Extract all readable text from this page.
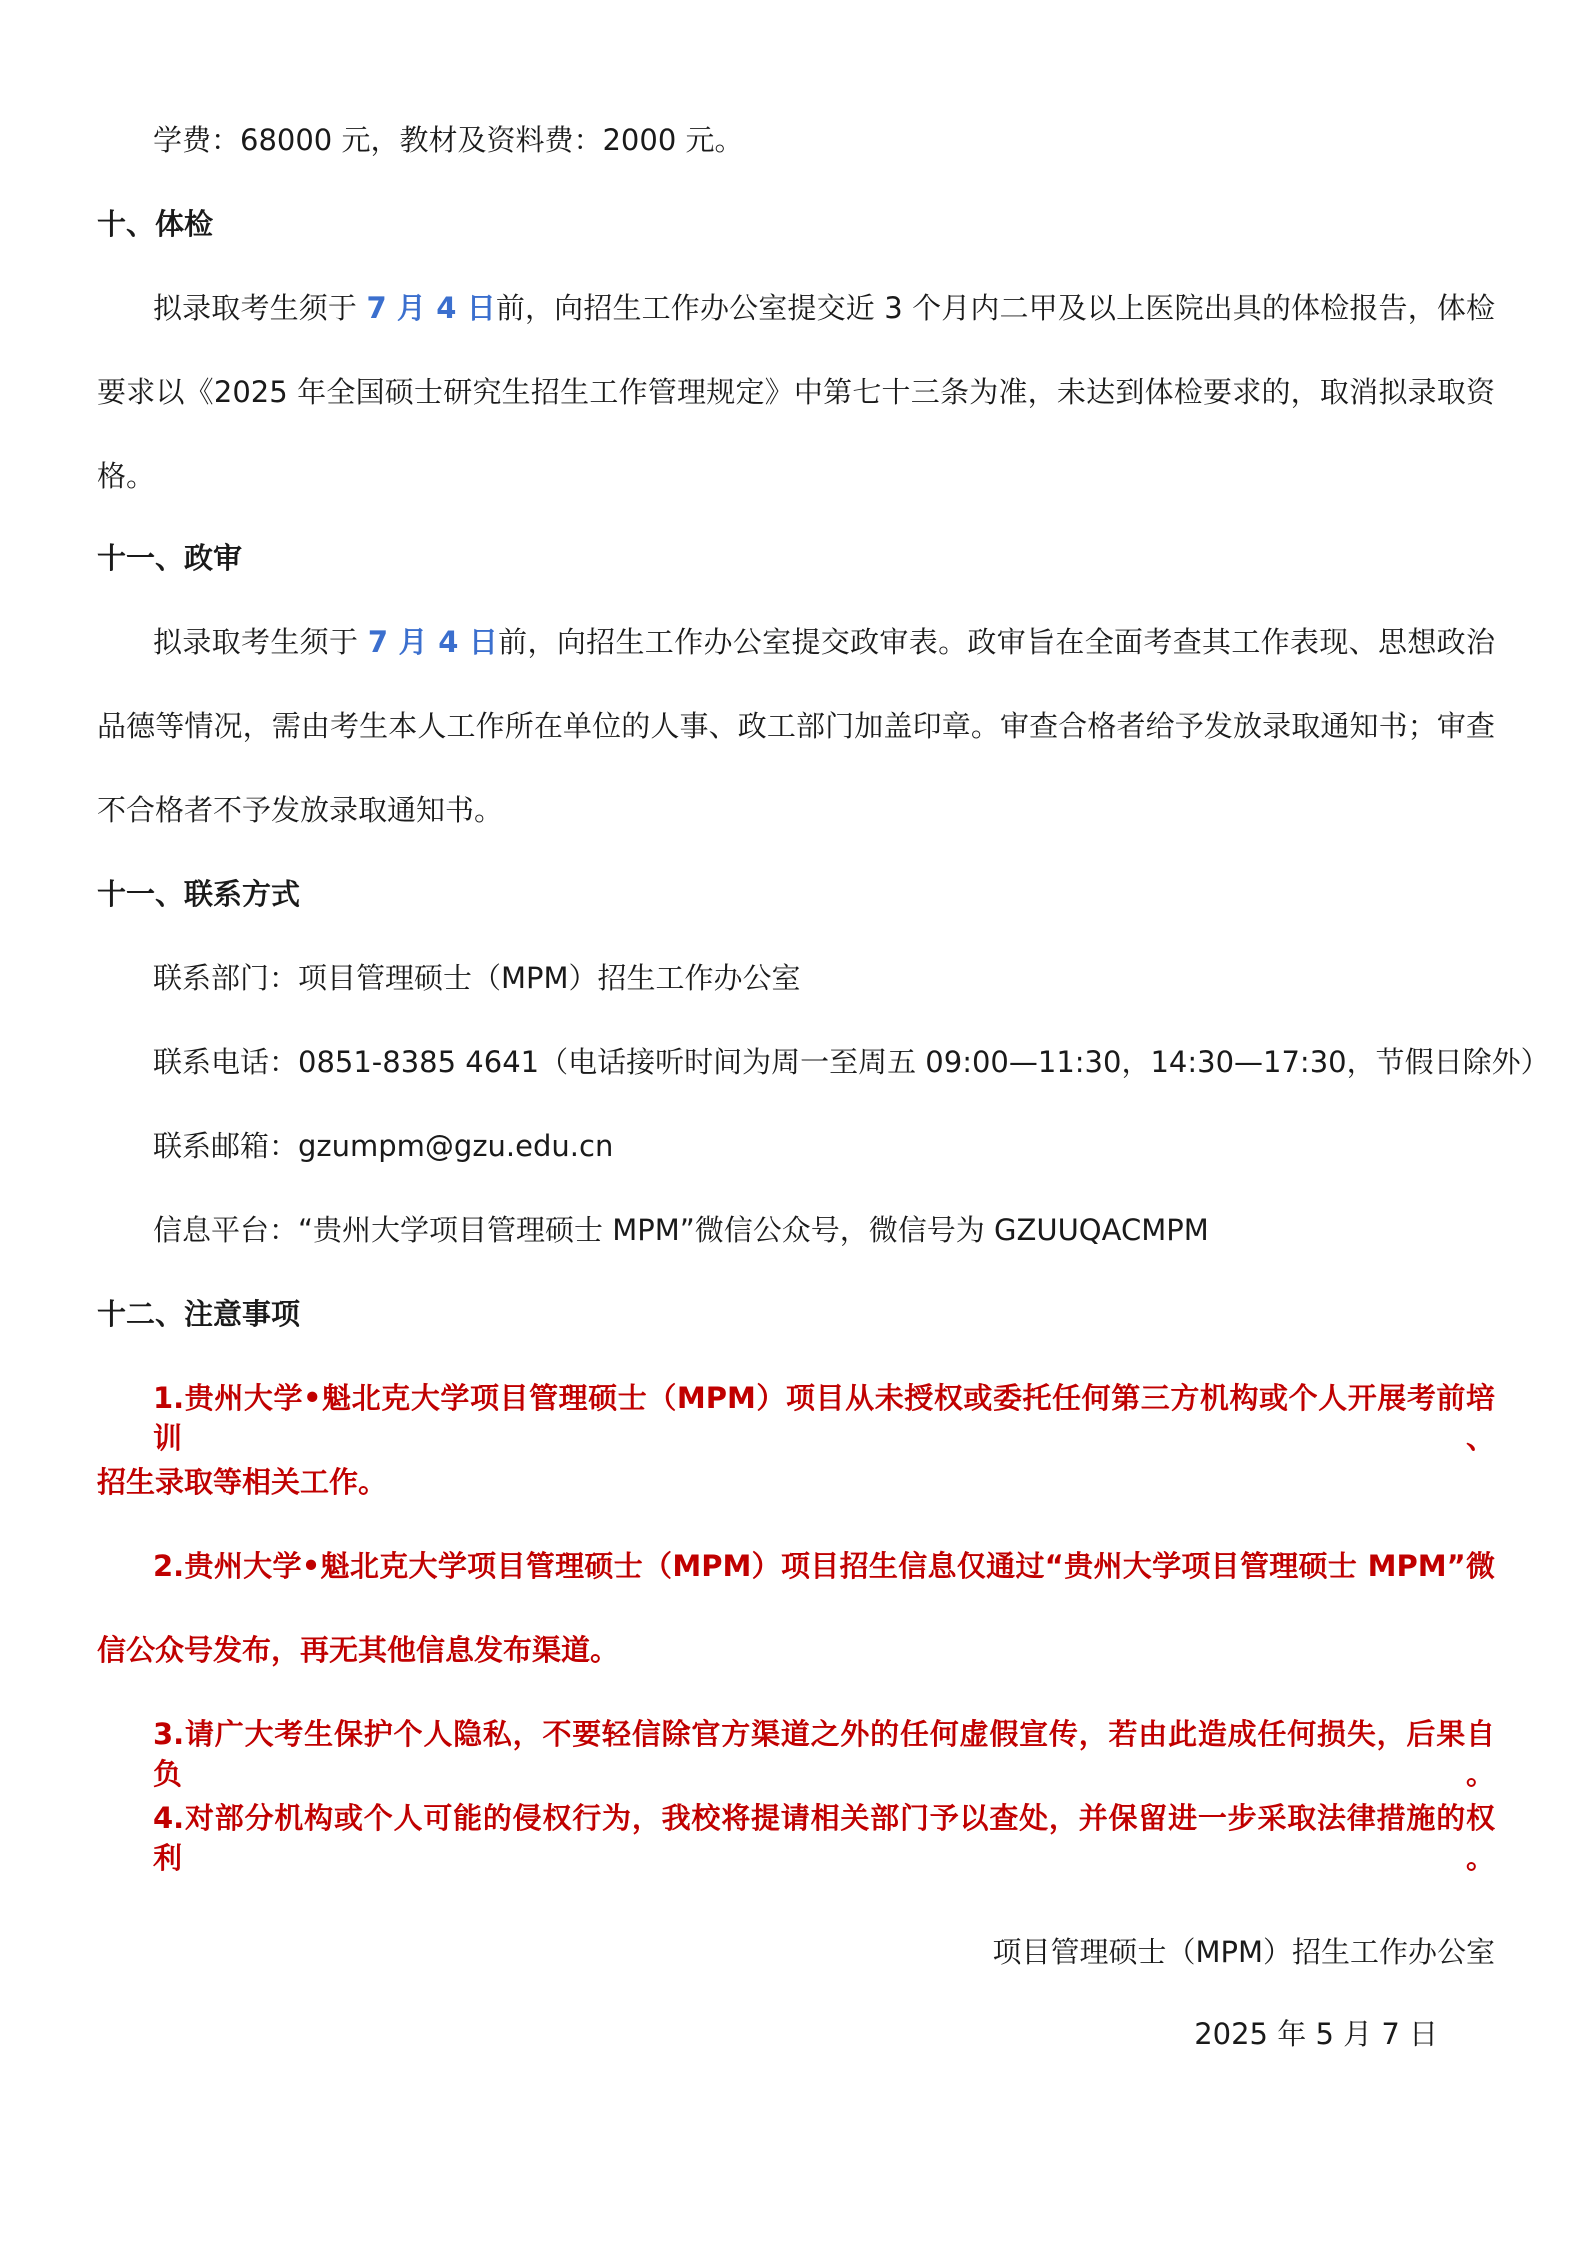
学费：68000 元，教材及资料费：2000 元。
十、体检
拟录取考生须于 7 月 4 日前，向招生工作办公室提交近 3 个月内二甲及以上医院出具的体检报告，体检
要求以《2025 年全国硕士研究生招生工作管理规定》中第七十三条为准，未达到体检要求的，取消拟录取资
格。
十一、政审
拟录取考生须于 7 月 4 日前，向招生工作办公室提交政审表。政审旨在全面考查其工作表现、思想政治
品德等情况，需由考生本人工作所在单位的人事、政工部门加盖印章。审查合格者给予发放录取通知书；审查
不合格者不予发放录取通知书。
十一、联系方式
联系部门：项目管理硕士（MPM）招生工作办公室
联系电话：0851-8385 4641（电话接听时间为周一至周五 09:00—11:30，14:30—17:30，节假日除外）
联系邮箱：gzumpm@gzu.edu.cn
信息平台：“贵州大学项目管理硕士 MPM”微信公众号，微信号为 GZUUQACMPM
十二、注意事项
1.贵州大学•魁北克大学项目管理硕士（MPM）项目从未授权或委托任何第三方机构或个人开展考前培训、
招生录取等相关工作。
2.贵州大学•魁北克大学项目管理硕士（MPM）项目招生信息仅通过“贵州大学项目管理硕士 MPM”微
信公众号发布，再无其他信息发布渠道。
3.请广大考生保护个人隐私，不要轻信除官方渠道之外的任何虚假宣传，若由此造成任何损失，后果自负。
4.对部分机构或个人可能的侵权行为，我校将提请相关部门予以查处，并保留进一步采取法律措施的权利。
项目管理硕士（MPM）招生工作办公室
2025 年 5 月 7 日
